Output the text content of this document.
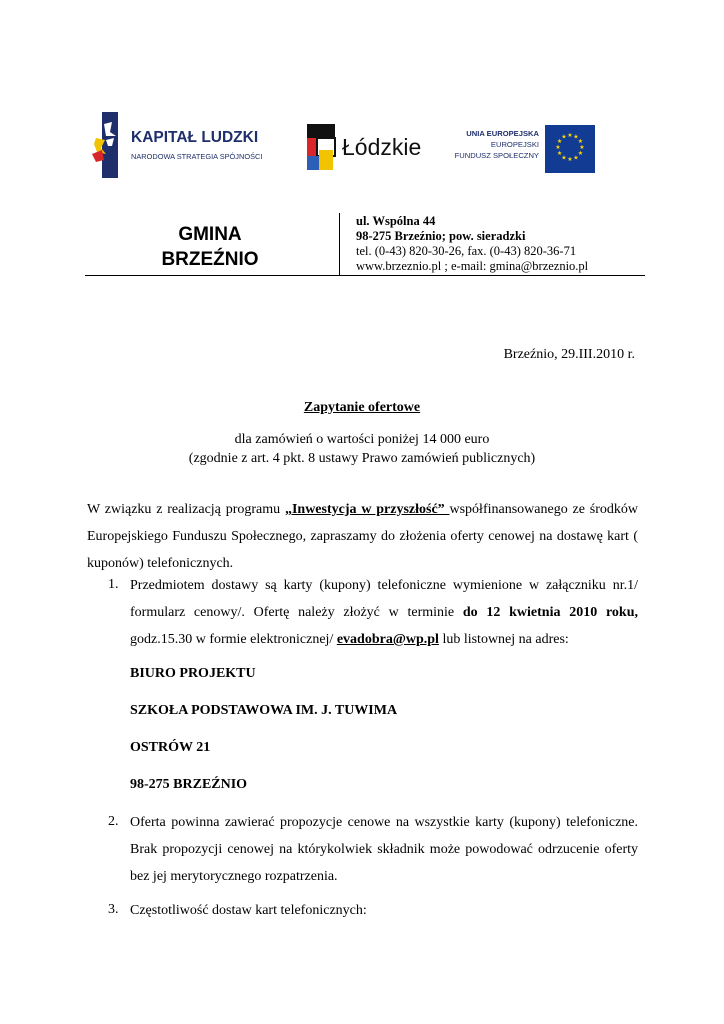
KAPITAŁ LUDZKI
NARODOWA STRATEGIA SPÓJNOŚCI	Łódzkie
UNIA EUROPEJSKA
EUROPEJSKI
FUNDUSZ SPOŁECZNY
★ ★
★
★
★
★
★
★
★
★
★
★
GMINA
BRZEŹNIO
ul. Wspólna 44
98-275 Brzeźnio; pow. sieradzki
tel. (0-43) 820-30-26, fax. (0-43) 820-36-71
www.brzeznio.pl ; e-mail: gmina@brzeznio.pl
Brzeźnio, 29.III.2010 r.
Zapytanie ofertowe
dla zamówień o wartości poniżej 14 000 euro
(zgodnie z art. 4 pkt. 8 ustawy Prawo zamówień publicznych)
W związku z realizacją programu „Inwestycja w przyszłość” współfinansowanego ze środków Europejskiego Funduszu Społecznego, zapraszamy do złożenia oferty cenowej na dostawę kart ( kuponów) telefonicznych.
1. Przedmiotem dostawy są karty (kupony) telefoniczne wymienione w załączniku nr.1/ formularz cenowy/. Ofertę należy złożyć w terminie do 12 kwietnia 2010 roku, godz.15.30 w formie elektronicznej/ evadobra@wp.pl lub listownej na adres:
BIURO PROJEKTU
SZKOŁA PODSTAWOWA IM. J. TUWIMA
OSTRÓW 21
98-275 BRZEŹNIO
2. Oferta powinna zawierać propozycje cenowe na wszystkie karty (kupony) telefoniczne. Brak propozycji cenowej na którykolwiek składnik może powodować odrzucenie oferty bez jej merytorycznego rozpatrzenia.
3. Częstotliwość dostaw kart telefonicznych:
